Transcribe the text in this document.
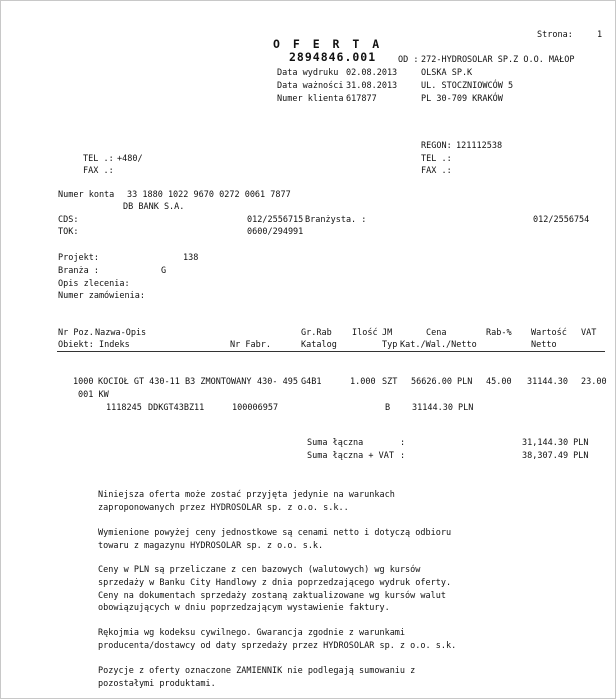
Strona:	1
O F E R T A
2894846.001	OD : 272-HYDROSOLAR SP.Z O.O. MAŁOP
OLSKA SP.K
UL. STOCZNIOWCÓW 5
PL 30-709 KRAKÓW
Data wydruku 02.08.2013
Data ważności 31.08.2013
Numer klienta 617877
REGON: 121112538
TEL .: +480/	TEL .:
FAX .:	FAX .:
Numer konta 33 1880 1022 9670 0272 0061 7877
DB BANK S.A.
CDS:	012/2556715 Branżysta. :	012/2556754
TOK:	0600/294991
Projekt:	138
Branża :	G
Opis zlecenia:
Numer zamówienia:
Nr Poz. Nazwa-Opis	Gr.Rab Ilość JM	Cena	Rab-% Wartość VAT
Obiekt: Indeks	Nr Fabr.	Katalog	Typ Kat./Wal./Netto	Netto
1000 KOCIOŁ GT 430-11 B3 ZMONTOWANY 430- 495 G4B1	1.000 SZT 56626.00 PLN 45.00 31144.30 23.00
001 KW
1118245 DDKGT43BZ11	100006957	B	31144.30 PLN
Suma łączna	:	31,144.30 PLN
Suma łączna + VAT :	38,307.49 PLN
Niniejsza oferta może zostać przyjęta jedynie na warunkach
zaproponowanych przez HYDROSOLAR sp. z o.o. s.k..
Wymienione powyżej ceny jednostkowe są cenami netto i dotyczą odbioru
towaru z magazynu HYDROSOLAR sp. z o.o. s.k.
Ceny w PLN są przeliczane z cen bazowych (walutowych) wg kursów
sprzedaży w Banku City Handlowy z dnia poprzedzającego wydruk oferty.
Ceny na dokumentach sprzedaży zostaną zaktualizowane wg kursów walut
obowiązujących w dniu poprzedzającym wystawienie faktury.
Rękojmia wg kodeksu cywilnego. Gwarancja zgodnie z warunkami
producenta/dostawcy od daty sprzedaży przez HYDROSOLAR sp. z o.o. s.k.
Pozycje z oferty oznaczone ZAMIENNIK nie podlegają sumowaniu z
pozostałymi produktami.
